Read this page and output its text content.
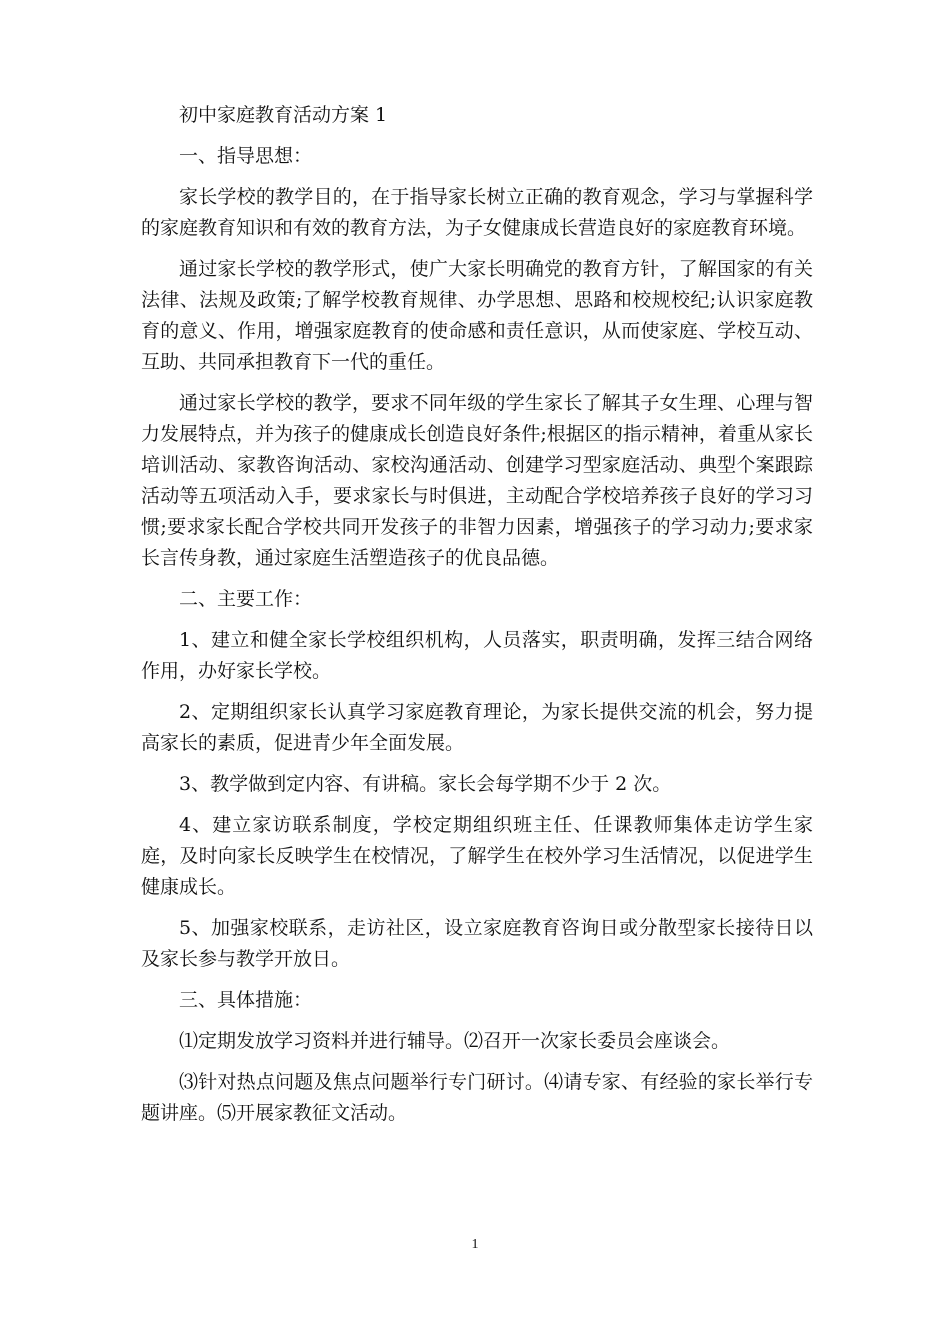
初中家庭教育活动方案 1

一、指导思想：

家长学校的教学目的，在于指导家长树立正确的教育观念，学习与掌握科学的家庭教育知识和有效的教育方法，为子女健康成长营造良好的家庭教育环境。

通过家长学校的教学形式，使广大家长明确党的教育方针，了解国家的有关法律、法规及政策;了解学校教育规律、办学思想、思路和校规校纪;认识家庭教育的意义、作用，增强家庭教育的使命感和责任意识，从而使家庭、学校互动、互助、共同承担教育下一代的重任。

通过家长学校的教学，要求不同年级的学生家长了解其子女生理、心理与智力发展特点，并为孩子的健康成长创造良好条件;根据区的指示精神，着重从家长培训活动、家教咨询活动、家校沟通活动、创建学习型家庭活动、典型个案跟踪活动等五项活动入手，要求家长与时俱进，主动配合学校培养孩子良好的学习习惯;要求家长配合学校共同开发孩子的非智力因素，增强孩子的学习动力;要求家长言传身教，通过家庭生活塑造孩子的优良品德。

二、主要工作：

1、建立和健全家长学校组织机构，人员落实，职责明确，发挥三结合网络作用，办好家长学校。

2、定期组织家长认真学习家庭教育理论，为家长提供交流的机会，努力提高家长的素质，促进青少年全面发展。

3、教学做到定内容、有讲稿。家长会每学期不少于 2 次。

4、建立家访联系制度，学校定期组织班主任、任课教师集体走访学生家庭，及时向家长反映学生在校情况，了解学生在校外学习生活情况，以促进学生健康成长。

5、加强家校联系，走访社区，设立家庭教育咨询日或分散型家长接待日以及家长参与教学开放日。

三、具体措施：

⑴定期发放学习资料并进行辅导。⑵召开一次家长委员会座谈会。

⑶针对热点问题及焦点问题举行专门研讨。⑷请专家、有经验的家长举行专题讲座。⑸开展家教征文活动。

1
